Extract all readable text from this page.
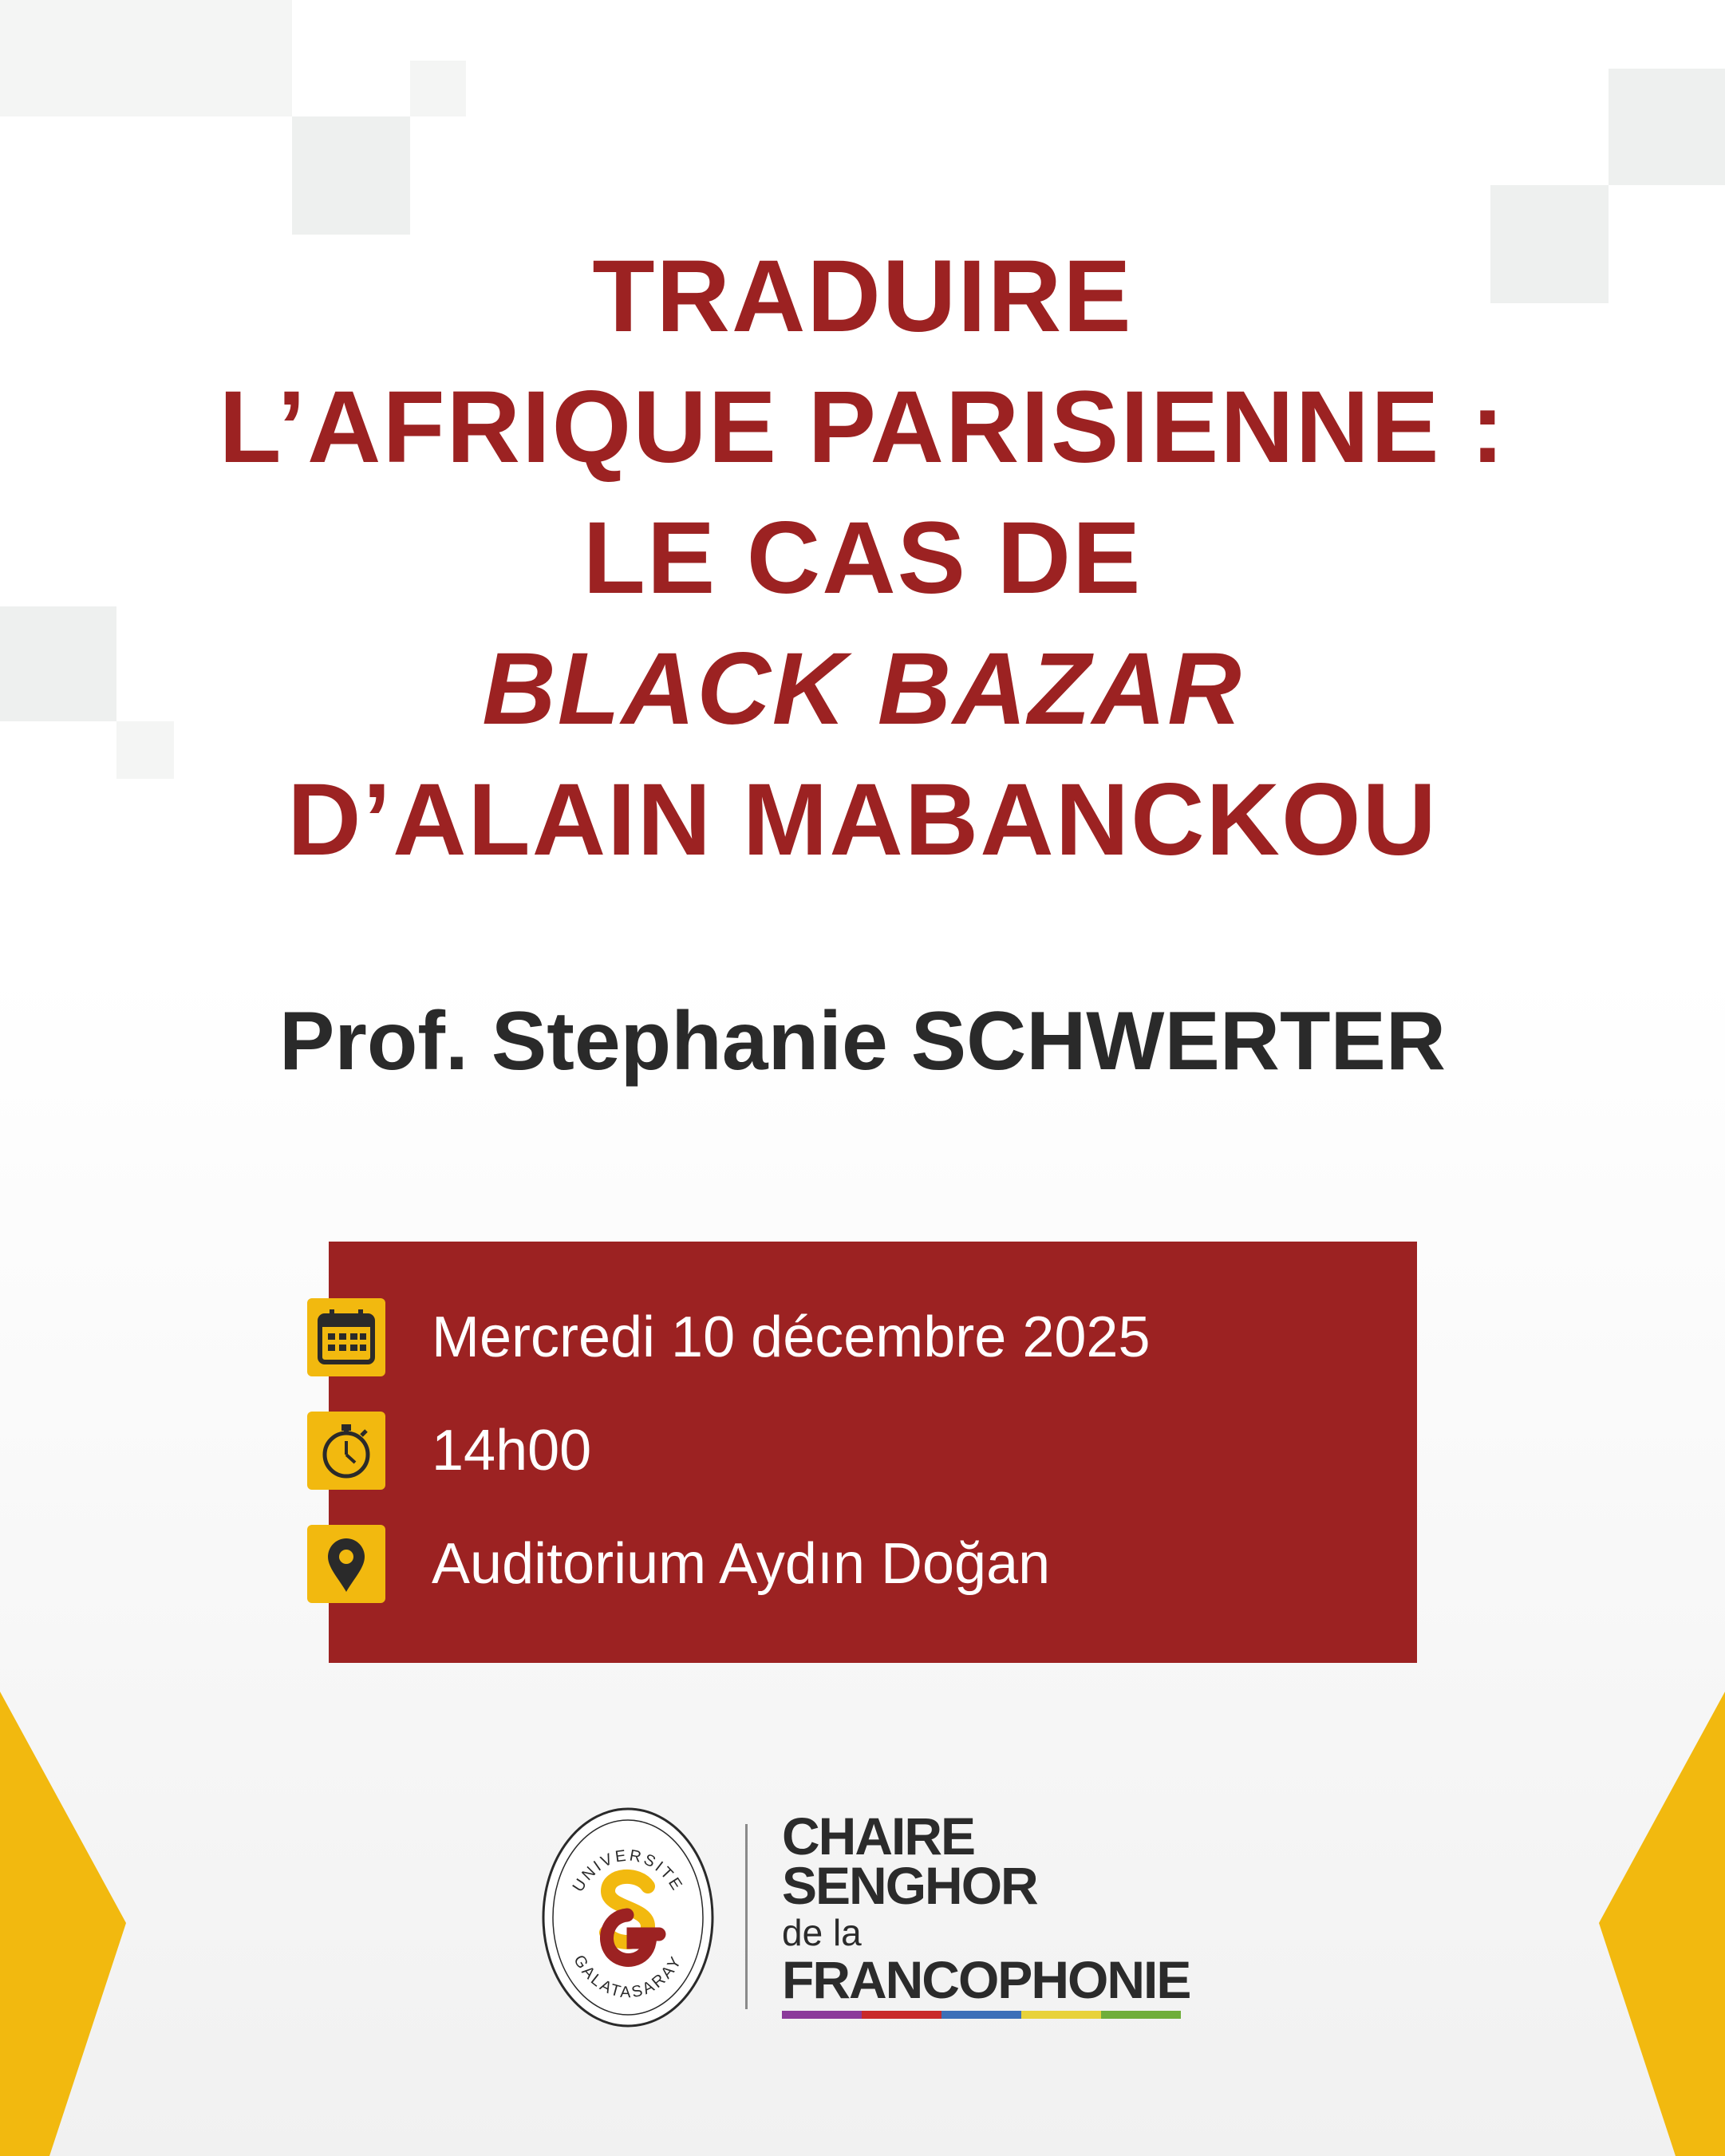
TRADUIRE
L’AFRIQUE PARISIENNE :
LE CAS DE
BLACK BAZAR
D’ALAIN MABANCKOU
Prof. Stephanie SCHWERTER
Mercredi 10 décembre 2025
14h00
Auditorium Aydın Doğan
UNIVERSITE
GALATASARAY
CHAIRE
SENGHOR
de la
FRANCOPHONIE
